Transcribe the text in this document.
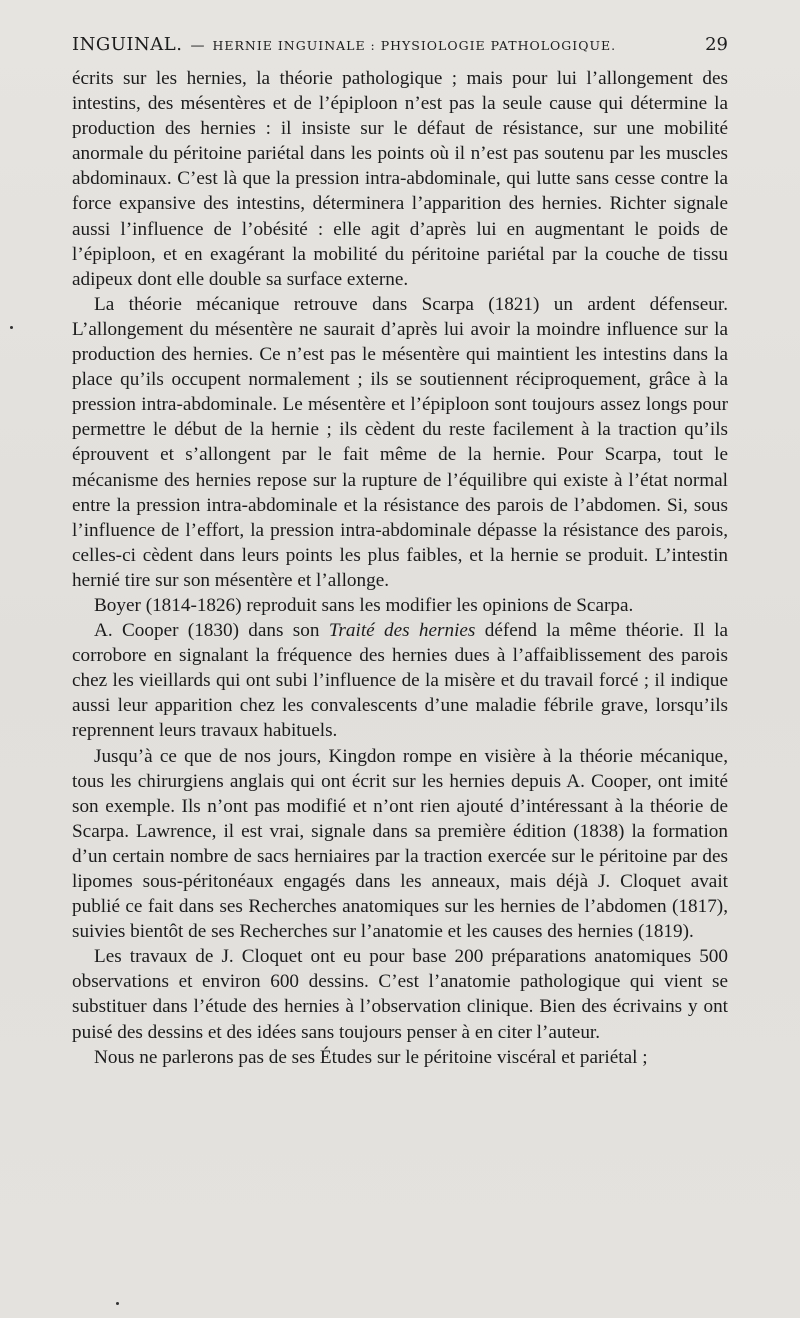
INGUINAL. — HERNIE INGUINALE : PHYSIOLOGIE PATHOLOGIQUE.	29

écrits sur les hernies, la théorie pathologique ; mais pour lui l’allongement des intestins, des mésentères et de l’épiploon n’est pas la seule cause qui détermine la production des hernies : il insiste sur le défaut de résistance, sur une mobilité anormale du péritoine pariétal dans les points où il n’est pas soutenu par les muscles abdominaux. C’est là que la pression intra-abdominale, qui lutte sans cesse contre la force expansive des intestins, déterminera l’apparition des hernies. Richter signale aussi l’influence de l’obésité : elle agit d’après lui en augmentant le poids de l’épiploon, et en exagérant la mobilité du péritoine pariétal par la couche de tissu adipeux dont elle double sa surface externe.

La théorie mécanique retrouve dans Scarpa (1821) un ardent défenseur. L’allongement du mésentère ne saurait d’après lui avoir la moindre influence sur la production des hernies. Ce n’est pas le mésentère qui maintient les intestins dans la place qu’ils occupent normalement ; ils se soutiennent réciproquement, grâce à la pression intra-abdominale. Le mésentère et l’épiploon sont toujours assez longs pour permettre le début de la hernie ; ils cèdent du reste facilement à la traction qu’ils éprouvent et s’allongent par le fait même de la hernie. Pour Scarpa, tout le mécanisme des hernies repose sur la rupture de l’équilibre qui existe à l’état normal entre la pression intra-abdominale et la résistance des parois de l’abdomen. Si, sous l’influence de l’effort, la pression intra-abdominale dépasse la résistance des parois, celles-ci cèdent dans leurs points les plus faibles, et la hernie se produit. L’intestin hernié tire sur son mésentère et l’allonge.

Boyer (1814-1826) reproduit sans les modifier les opinions de Scarpa.

A. Cooper (1830) dans son Traité des hernies défend la même théorie. Il la corrobore en signalant la fréquence des hernies dues à l’affaiblissement des parois chez les vieillards qui ont subi l’influence de la misère et du travail forcé ; il indique aussi leur apparition chez les convalescents d’une maladie fébrile grave, lorsqu’ils reprennent leurs travaux habituels.

Jusqu’à ce que de nos jours, Kingdon rompe en visière à la théorie mécanique, tous les chirurgiens anglais qui ont écrit sur les hernies depuis A. Cooper, ont imité son exemple. Ils n’ont pas modifié et n’ont rien ajouté d’intéressant à la théorie de Scarpa. Lawrence, il est vrai, signale dans sa première édition (1838) la formation d’un certain nombre de sacs herniaires par la traction exercée sur le péritoine par des lipomes sous-péritonéaux engagés dans les anneaux, mais déjà J. Cloquet avait publié ce fait dans ses Recherches anatomiques sur les hernies de l’abdomen (1817), suivies bientôt de ses Recherches sur l’anatomie et les causes des hernies (1819).

Les travaux de J. Cloquet ont eu pour base 200 préparations anatomiques 500 observations et environ 600 dessins. C’est l’anatomie pathologique qui vient se substituer dans l’étude des hernies à l’observation clinique. Bien des écrivains y ont puisé des dessins et des idées sans toujours penser à en citer l’auteur.

Nous ne parlerons pas de ses Études sur le péritoine viscéral et pariétal ;
